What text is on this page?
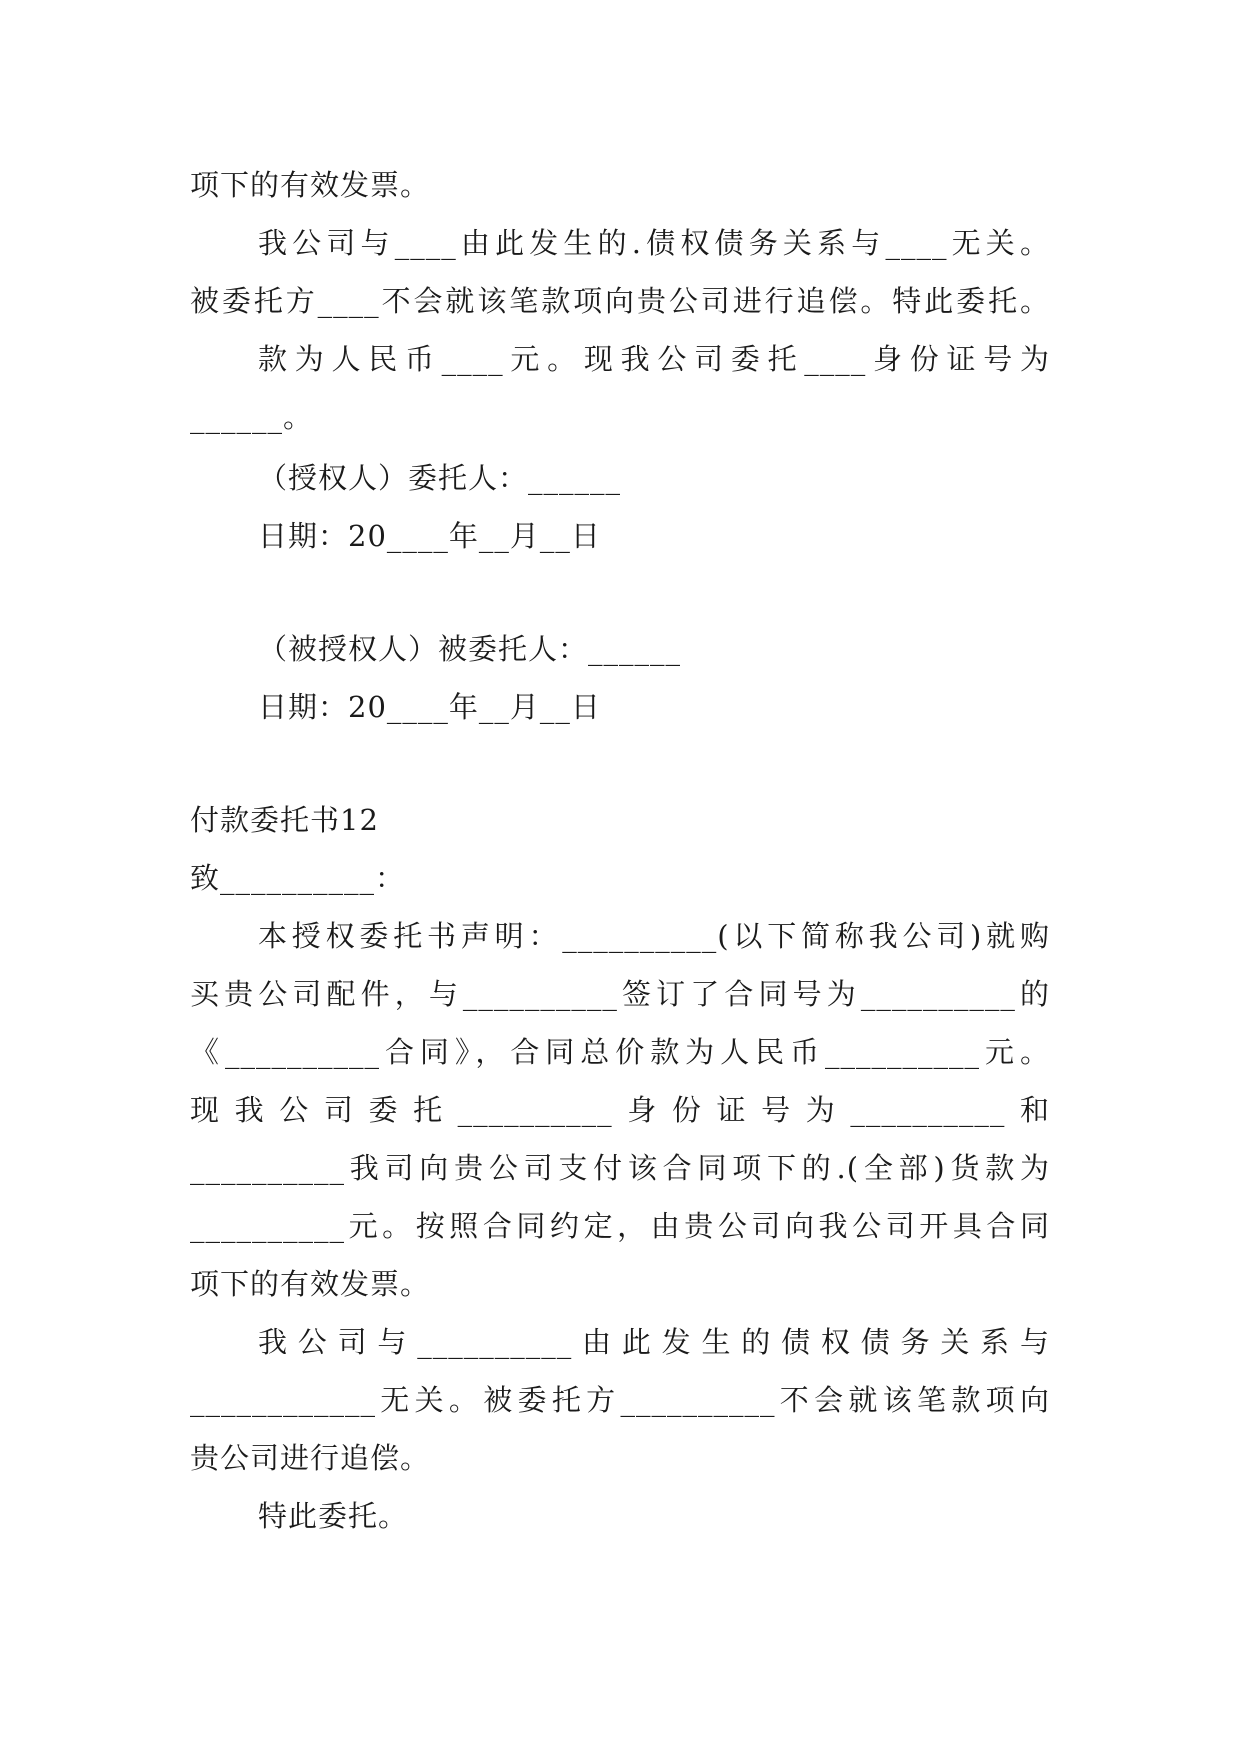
项下的有效发票。
我公司与____由此发生的.债权债务关系与____无关。
被委托方____不会就该笔款项向贵公司进行追偿。特此委托。
款为人民币____元。现我公司委托____身份证号为
______。
（授权人）委托人：______
日期：20____年__月__日
（被授权人）被委托人：______
日期：20____年__月__日
付款委托书12
致__________：
本授权委托书声明：__________(以下简称我公司)就购
买贵公司配件，与__________签订了合同号为__________的
《__________合同》，合同总价款为人民币__________元。
现我公司委托__________身份证号为__________和
__________我司向贵公司支付该合同项下的.(全部)货款为
__________元。按照合同约定，由贵公司向我公司开具合同
项下的有效发票。
我公司与__________由此发生的债权债务关系与
____________无关。被委托方__________不会就该笔款项向
贵公司进行追偿。
特此委托。
